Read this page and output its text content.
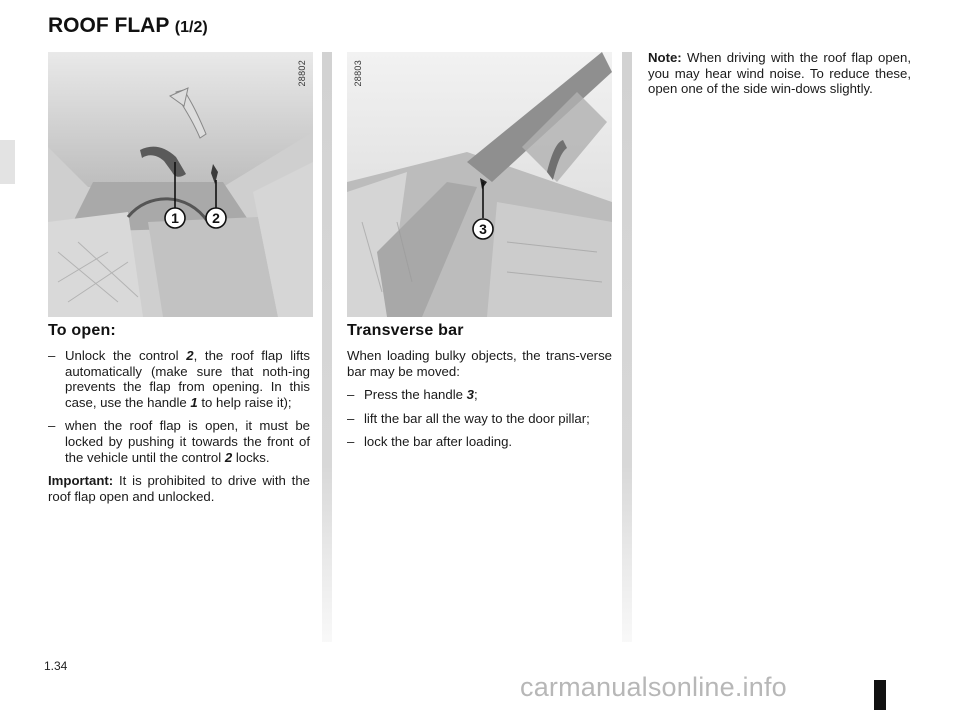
ROOF FLAP (1/2)
1 2
28802
3
28803
To open:
– Unlock the control 2, the roof flap lifts automatically (make sure that noth-ing prevents the flap from opening. In this case, use the handle 1 to help raise it);
– when the roof flap is open, it must be locked by pushing it towards the front of the vehicle until the control 2 locks.

Important: It is prohibited to drive with the roof flap open and unlocked.

Transverse bar

When loading bulky objects, the trans-verse bar may be moved:

– Press the handle 3;
– lift the bar all the way to the door pillar;
– lock the bar after loading.

Note: When driving with the roof flap open, you may hear wind noise. To reduce these, open one of the side win-dows slightly.

1.34
carmanualsonline.info
